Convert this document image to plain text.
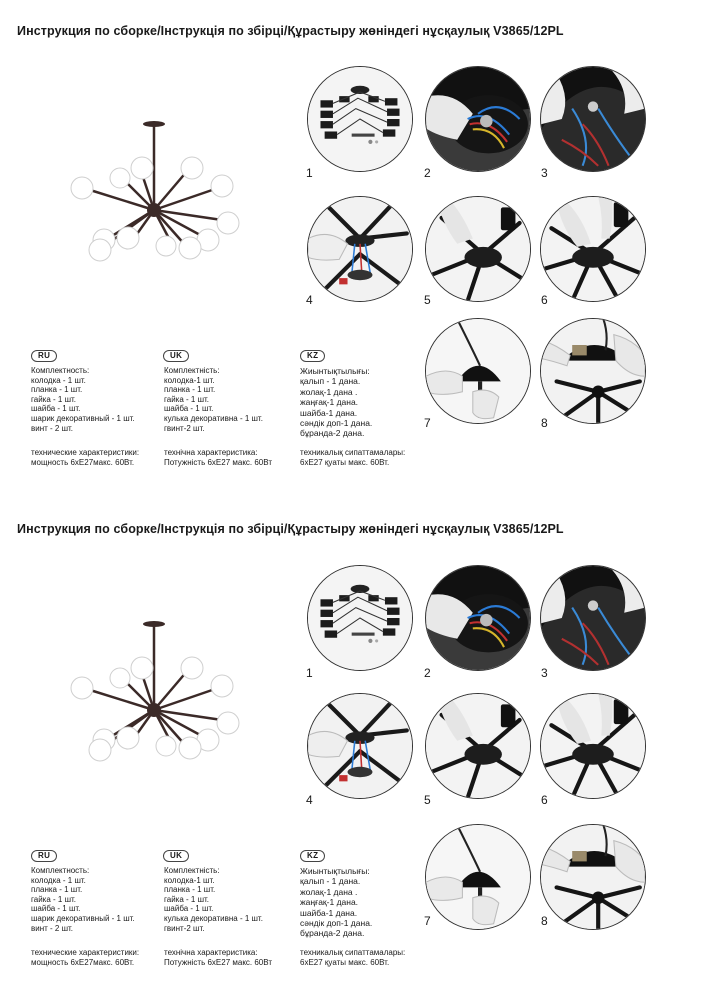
Инструкция по сборке/Інструкція по збірці/Құрастыру жөніндегі нұсқаулық V3865/12PL
1	2	3
4	5	6
7	8
RU	UK	KZ
Комплектность:
колодка - 1 шт.
планка - 1 шт.
гайка - 1 шт.
шайба - 1 шт.
шарик декоративный - 1 шт.
винт - 2 шт.
Комплектність:
колодка-1 шт.
планка - 1 шт.
гайка - 1 шт.
шайба - 1 шт.
кулька декоративна - 1 шт.
гвинт-2 шт.
Жиынтықтылығы:
қалып - 1 дана.
жолақ-1 дана .
жаңғақ-1 дана.
шайба-1 дана.
сәндік доп-1 дана.
бұранда-2 дана.
технические характеристики:
мощность 6хЕ27макс. 60Вт.
технічна характеристика:
Потужність 6хЕ27 макс. 60Вт
техникалық сипаттамалары:
6хЕ27 қуаты макс. 60Вт.
Инструкция по сборке/Інструкція по збірці/Құрастыру жөніндегі нұсқаулық V3865/12PL
1	2	3
4	5	6
7	8
RU	UK	KZ
Комплектность:
колодка - 1 шт.
планка - 1 шт.
гайка - 1 шт.
шайба - 1 шт.
шарик декоративный - 1 шт.
винт - 2 шт.
Комплектність:
колодка-1 шт.
планка - 1 шт.
гайка - 1 шт.
шайба - 1 шт.
кулька декоративна - 1 шт.
гвинт-2 шт.
Жиынтықтылығы:
қалып - 1 дана.
жолақ-1 дана .
жаңғақ-1 дана.
шайба-1 дана.
сәндік доп-1 дана.
бұранда-2 дана.
технические характеристики:
мощность 6хЕ27макс. 60Вт.
технічна характеристика:
Потужність 6хЕ27 макс. 60Вт
техникалық сипаттамалары:
6хЕ27 қуаты макс. 60Вт.
